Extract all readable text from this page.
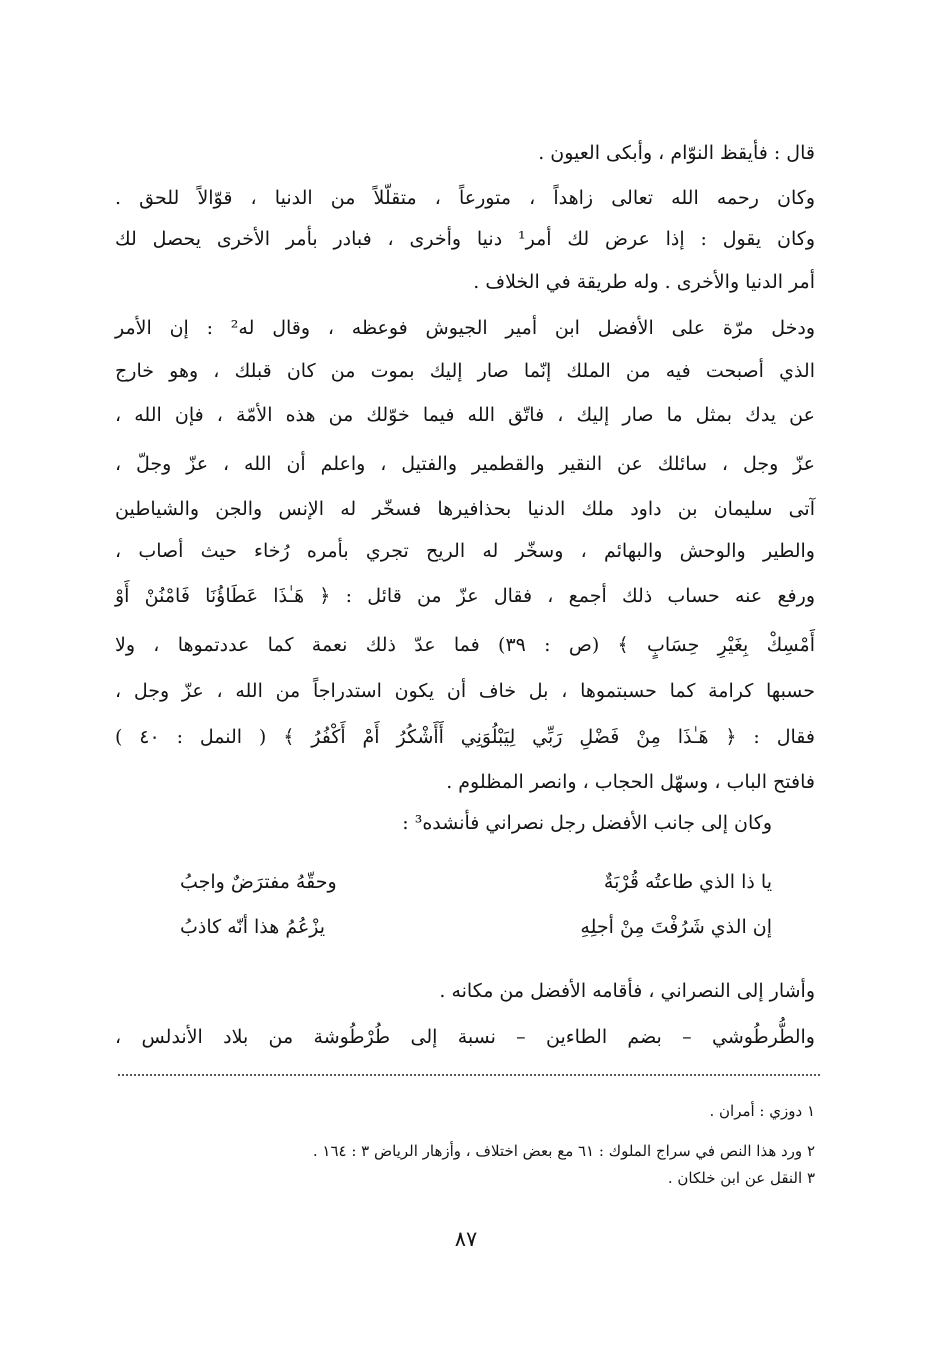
قال : فأيقظ النوّام ، وأبكى العيون .
وكان رحمه الله تعالى زاهداً ، متورعاً ، متقلّلاً من الدنيا ، قوّالاً للحق .
وكان يقول : إذا عرض لك أمر¹ دنيا وأخرى ، فبادر بأمر الأخرى يحصل لك
أمر الدنيا والأخرى . وله طريقة في الخلاف .
ودخل مرّة على الأفضل ابن أمير الجيوش فوعظه ، وقال له² : إن الأمر
الذي أصبحت فيه من الملك إنّما صار إليك بموت من كان قبلك ، وهو خارج
عن يدك بمثل ما صار إليك ، فاتّق الله فيما خوّلك من هذه الأمّة ، فإن الله ،
عزّ وجل ، سائلك عن النقير والقطمير والفتيل ، واعلم أن الله ، عزّ وجلّ ،
آتى سليمان بن داود ملك الدنيا بحذافيرها فسخّر له الإنس والجن والشياطين
والطير والوحش والبهائم ، وسخّر له الريح تجري بأمره رُخاء حيث أصاب ،
ورفع عنه حساب ذلك أجمع ، فقال عزّ من قائل : ﴿ هَـٰذَا عَطَاؤُنَا فَامْنُنْ أَوْ
أَمْسِكْ بِغَيْرِ حِسَابٍ ﴾ (ص : ٣٩) فما عدّ ذلك نعمة كما عددتموها ، ولا
حسبها كرامة كما حسبتموها ، بل خاف أن يكون استدراجاً من الله ، عزّ وجل ،
فقال : ﴿ هَـٰذَا مِنْ فَضْلِ رَبِّي لِيَبْلُوَنِي أَأَشْكُرُ أَمْ أَكْفُرُ ﴾ ( النمل : ٤٠ )
فافتح الباب ، وسهّل الحجاب ، وانصر المظلوم .
وكان إلى جانب الأفضل رجل نصراني فأنشده³ :
يا ذا الذي طاعتُه قُرْبَةٌ
وحقّهُ مفترَضٌ واجبُ
إن الذي شَرُفْتَ مِنْ أجلِهِ
يزْعُمُ هذا أنّه كاذبُ
وأشار إلى النصراني ، فأقامه الأفضل من مكانه .
والطُّرطُوشي – بضم الطاءين – نسبة إلى طُرْطُوشة من بلاد الأندلس ،
١ دوزي : أمران .
٢ ورد هذا النص في سراج الملوك : ٦١ مع بعض اختلاف ، وأزهار الرياض ٣ : ١٦٤ .
٣ النقل عن ابن خلكان .
٨٧
